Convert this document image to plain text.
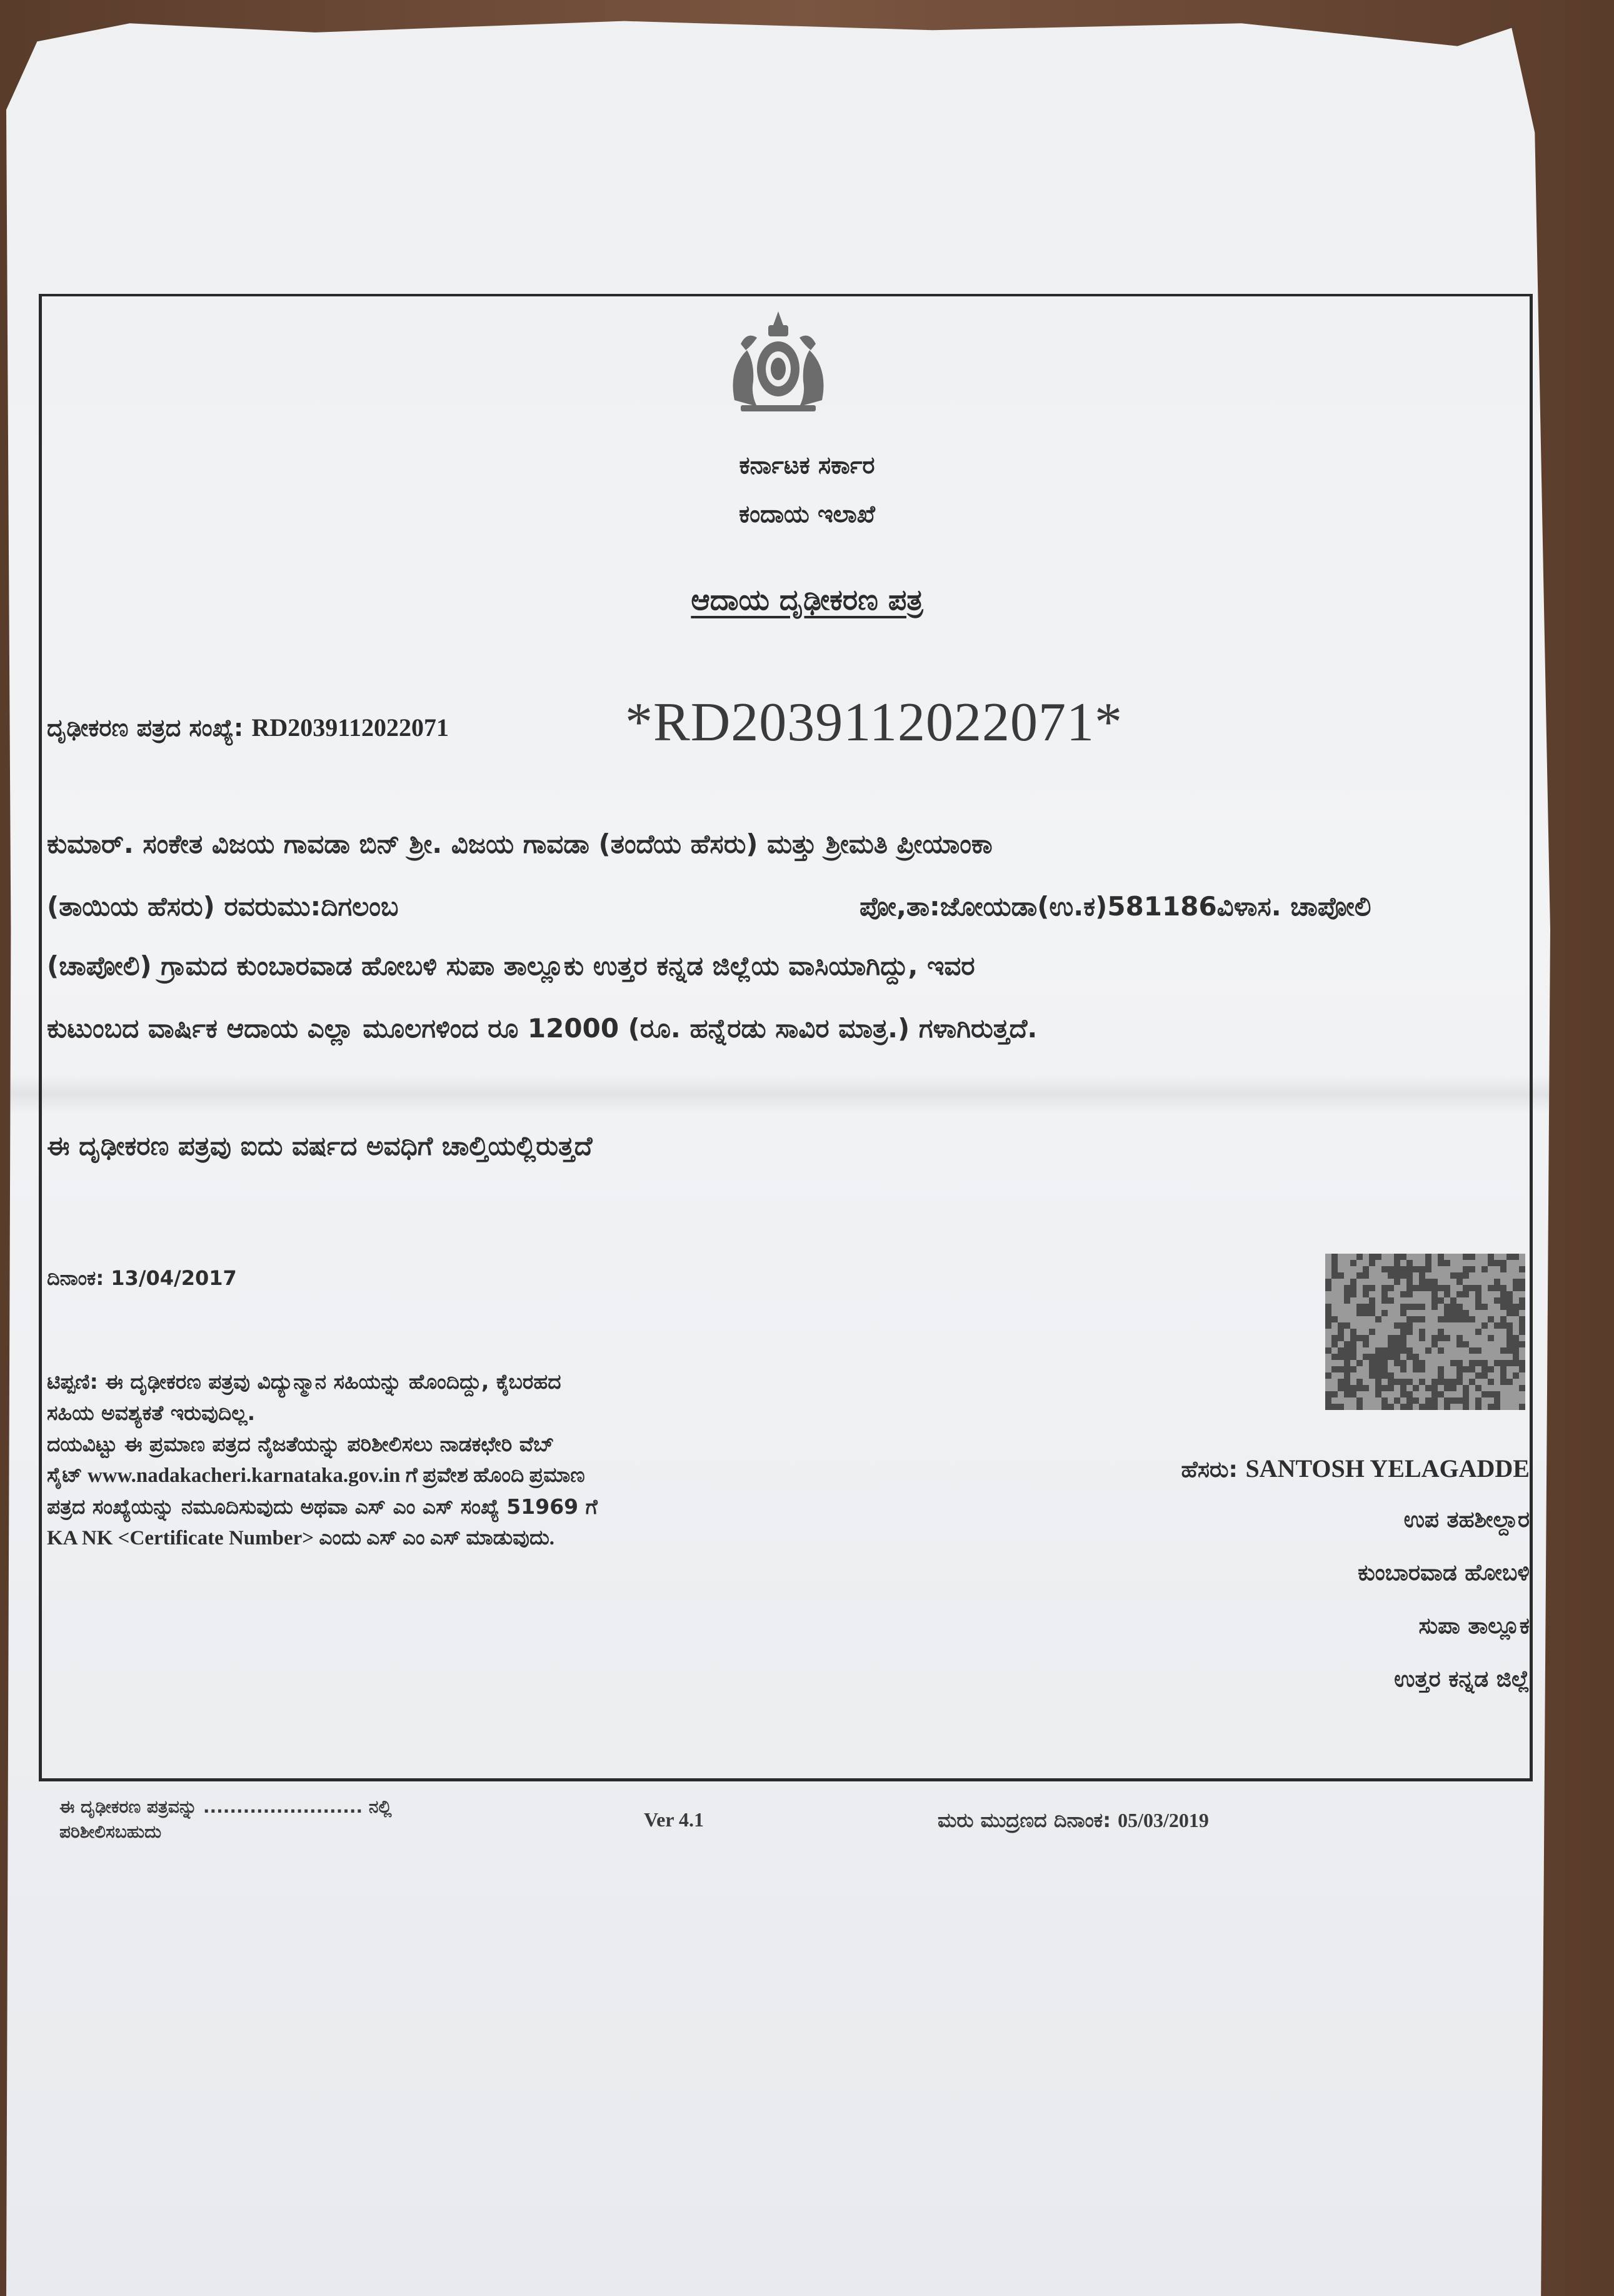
ಕರ್ನಾಟಕ ಸರ್ಕಾರ
ಕಂದಾಯ ಇಲಾಖೆ
ಆದಾಯ ದೃಢೀಕರಣ ಪತ್ರ
ದೃಢೀಕರಣ ಪತ್ರದ ಸಂಖ್ಯೆ: RD2039112022071	*RD2039112022071*
ಕುಮಾರ್. ಸಂಕೇತ ವಿಜಯ ಗಾವಡಾ ಬಿನ್ ಶ್ರೀ. ವಿಜಯ ಗಾವಡಾ (ತಂದೆಯ ಹೆಸರು) ಮತ್ತು ಶ್ರೀಮತಿ ಪ್ರೀಯಾಂಕಾ
(ತಾಯಿಯ ಹೆಸರು) ರವರುಮು:ದಿಗಲಂಬ	ಪೋ,ತಾ:ಜೋಯಡಾ(ಉ.ಕ)581186ವಿಳಾಸ. ಚಾಪೋಲಿ
(ಚಾಪೋಲಿ) ಗ್ರಾಮದ ಕುಂಬಾರವಾಡ ಹೋಬಳಿ ಸುಪಾ ತಾಲ್ಲೂಕು ಉತ್ತರ ಕನ್ನಡ ಜಿಲ್ಲೆಯ ವಾಸಿಯಾಗಿದ್ದು, ಇವರ
ಕುಟುಂಬದ ವಾರ್ಷಿಕ ಆದಾಯ ಎಲ್ಲಾ ಮೂಲಗಳಿಂದ ರೂ 12000 (ರೂ. ಹನ್ನೆರಡು ಸಾವಿರ ಮಾತ್ರ.) ಗಳಾಗಿರುತ್ತದೆ.
ಈ ದೃಢೀಕರಣ ಪತ್ರವು ಐದು ವರ್ಷದ ಅವಧಿಗೆ ಚಾಲ್ತಿಯಲ್ಲಿರುತ್ತದೆ
ದಿನಾಂಕ: 13/04/2017
ಟಿಪ್ಪಣಿ: ಈ ದೃಢೀಕರಣ ಪತ್ರವು ವಿದ್ಯುನ್ಮಾನ ಸಹಿಯನ್ನು ಹೊಂದಿದ್ದು, ಕೈಬರಹದ
ಸಹಿಯ ಅವಶ್ಯಕತೆ ಇರುವುದಿಲ್ಲ.
ದಯವಿಟ್ಟು ಈ ಪ್ರಮಾಣ ಪತ್ರದ ನೈಜತೆಯನ್ನು ಪರಿಶೀಲಿಸಲು ನಾಡಕಛೇರಿ ವೆಬ್
ಸೈಟ್ www.nadakacheri.karnataka.gov.in ಗೆ ಪ್ರವೇಶ ಹೊಂದಿ ಪ್ರಮಾಣ
ಪತ್ರದ ಸಂಖ್ಯೆಯನ್ನು ನಮೂದಿಸುವುದು ಅಥವಾ ಎಸ್ ಎಂ ಎಸ್ ಸಂಖ್ಯೆ 51969 ಗೆ
KA NK <Certificate Number> ಎಂದು ಎಸ್ ಎಂ ಎಸ್ ಮಾಡುವುದು.
ಹೆಸರು: SANTOSH YELAGADDE
ಉಪ ತಹಶೀಲ್ದಾರ
ಕುಂಬಾರವಾಡ ಹೋಬಳಿ
ಸುಪಾ ತಾಲ್ಲೂಕ
ಉತ್ತರ ಕನ್ನಡ ಜಿಲ್ಲೆ
ಈ ದೃಢೀಕರಣ ಪತ್ರವನ್ನು ........................ ನಲ್ಲಿ
ಪರಿಶೀಲಿಸಬಹುದು
Ver 4.1	ಮರು ಮುದ್ರಣದ ದಿನಾಂಕ: 05/03/2019
